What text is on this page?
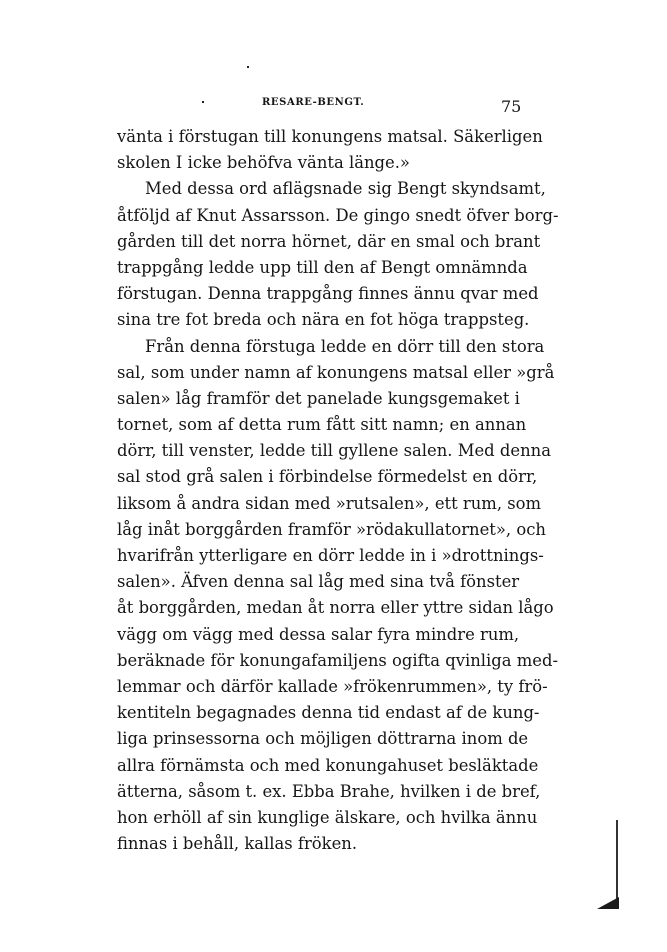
RESARE-BENGT.	75
vänta i förstugan till konungens matsal. Säkerligen
skolen I icke behöfva vänta länge.»
Med dessa ord aflägsnade sig Bengt skyndsamt,
åtföljd af Knut Assarsson. De gingo snedt öfver borg-
gården till det norra hörnet, där en smal och brant
trappgång ledde upp till den af Bengt omnämnda
förstugan. Denna trappgång finnes ännu qvar med
sina tre fot breda och nära en fot höga trappsteg.
Från denna förstuga ledde en dörr till den stora
sal, som under namn af konungens matsal eller »grå
salen» låg framför det panelade kungsgemaket i
tornet, som af detta rum fått sitt namn; en annan
dörr, till venster, ledde till gyllene salen. Med denna
sal stod grå salen i förbindelse förmedelst en dörr,
liksom å andra sidan med »rutsalen», ett rum, som
låg inåt borggården framför »rödakullatornet», och
hvarifrån ytterligare en dörr ledde in i »drottnings-
salen». Äfven denna sal låg med sina två fönster
åt borggården, medan åt norra eller yttre sidan lågo
vägg om vägg med dessa salar fyra mindre rum,
beräknade för konungafamiljens ogifta qvinliga med-
lemmar och därför kallade »frökenrummen», ty frö-
kentiteln begagnades denna tid endast af de kung-
liga prinsessorna och möjligen döttrarna inom de
allra förnämsta och med konungahuset besläktade
ätterna, såsom t. ex. Ebba Brahe, hvilken i de bref,
hon erhöll af sin kunglige älskare, och hvilka ännu
finnas i behåll, kallas fröken.
